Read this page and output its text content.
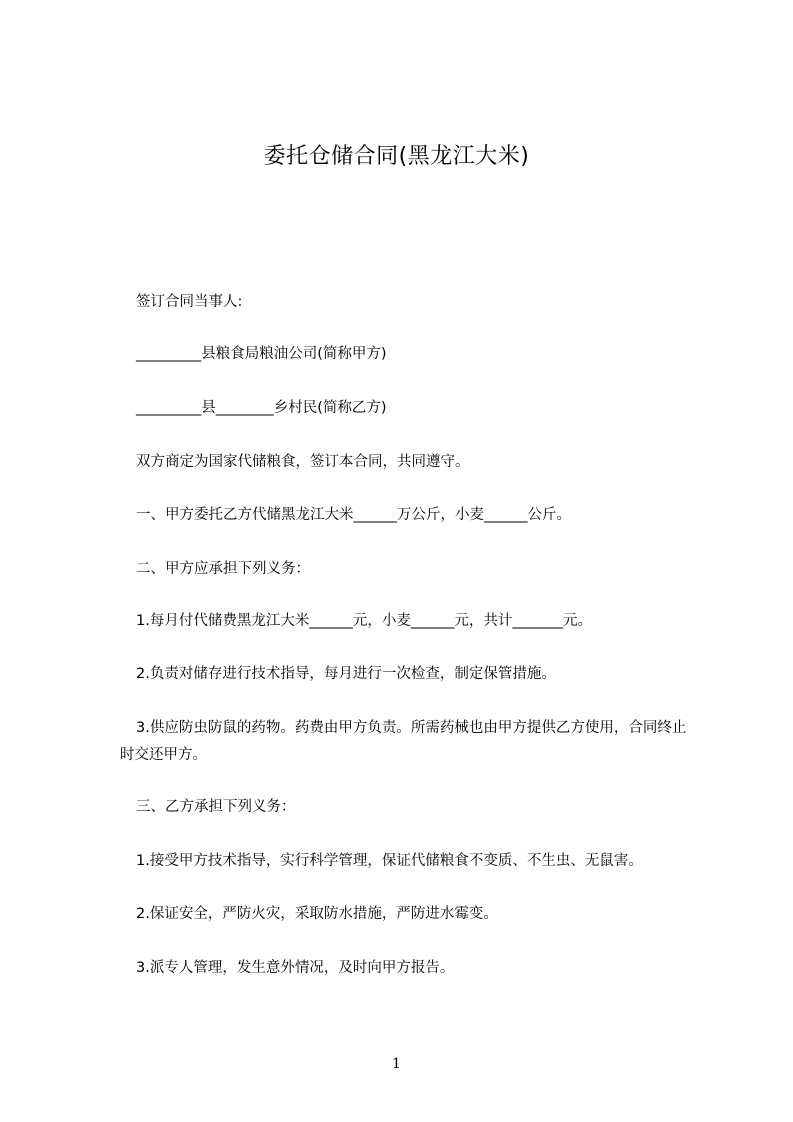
委托仓储合同(黑龙江大米)
签订合同当事人:
_________县粮食局粮油公司(简称甲方)
_________县________乡村民(简称乙方)
双方商定为国家代储粮食，签订本合同，共同遵守。
一、甲方委托乙方代储黑龙江大米______万公斤，小麦______公斤。
二、甲方应承担下列义务：
1.每月付代储费黑龙江大米______元，小麦______元，共计_______元。
2.负责对储存进行技术指导，每月进行一次检查，制定保管措施。
3.供应防虫防鼠的药物。药费由甲方负责。所需药械也由甲方提供乙方使用，合同终止时交还甲方。
三、乙方承担下列义务：
1.接受甲方技术指导，实行科学管理，保证代储粮食不变质、不生虫、无鼠害。
2.保证安全，严防火灾，采取防水措施，严防进水霉变。
3.派专人管理，发生意外情况，及时向甲方报告。
1
